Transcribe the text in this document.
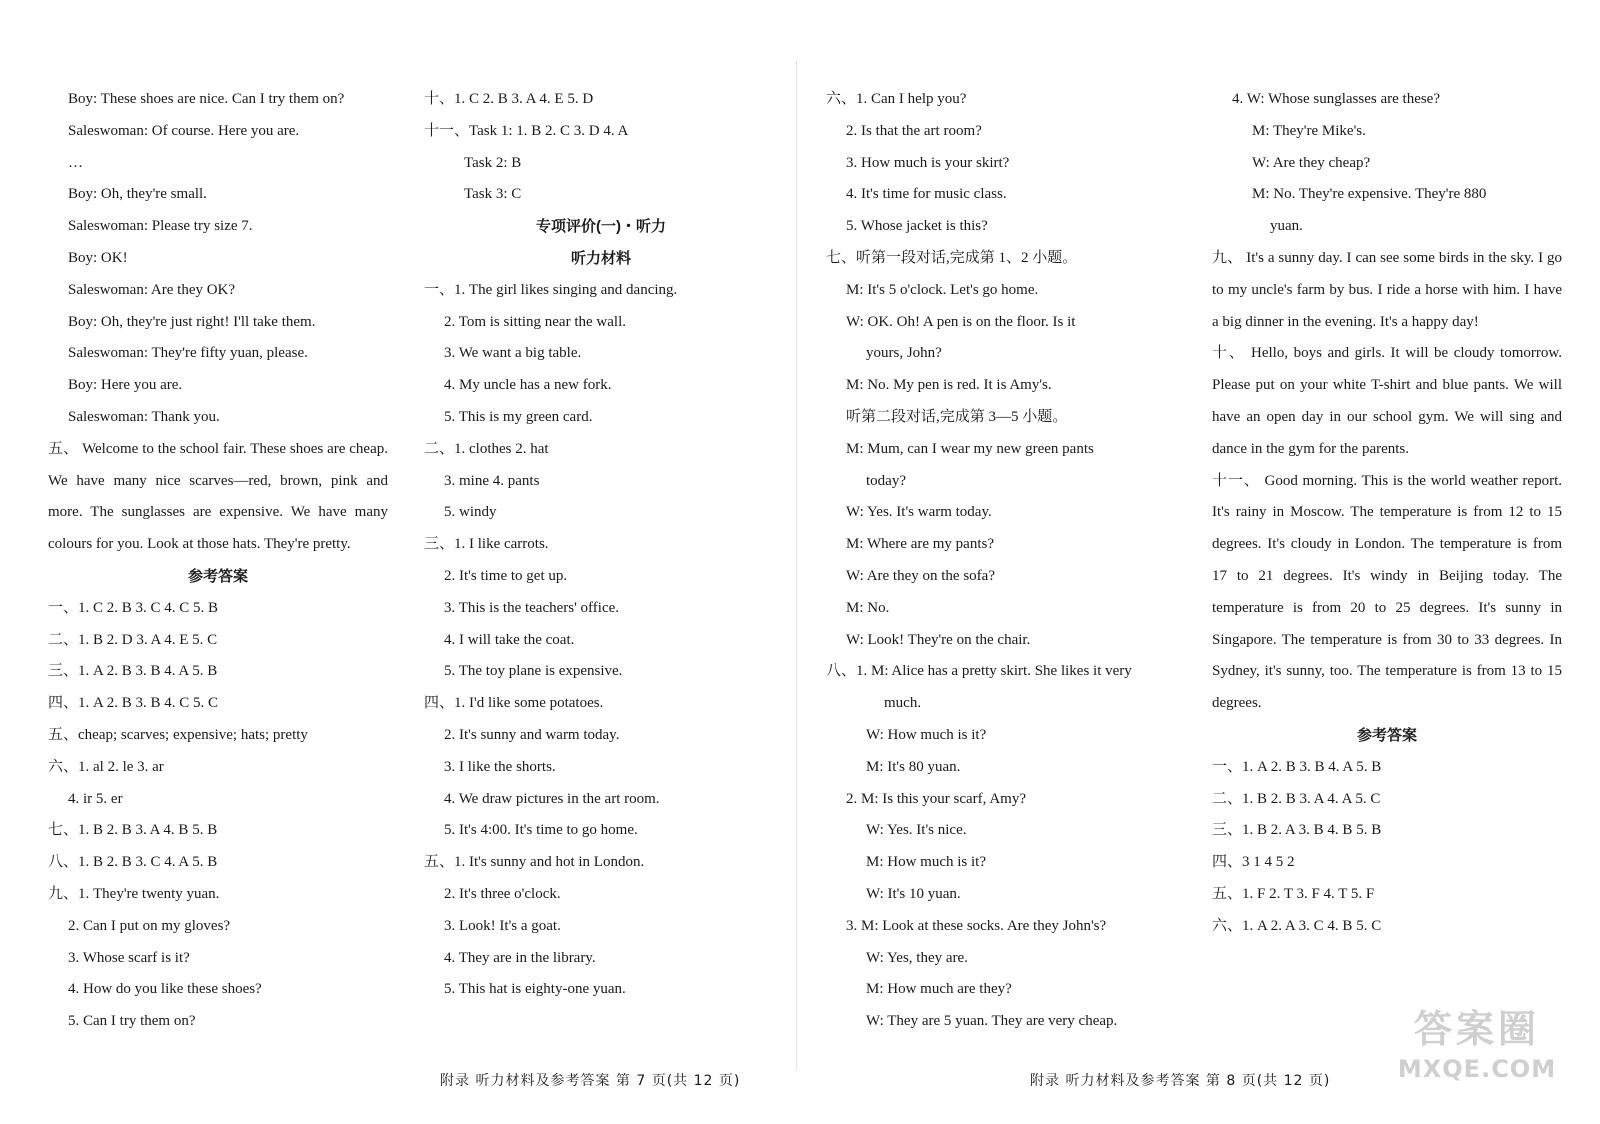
Boy: These shoes are nice. Can I try them on?
Saleswoman: Of course. Here you are.
…
Boy: Oh, they're small.
Saleswoman: Please try size 7.
Boy: OK!
Saleswoman: Are they OK?
Boy: Oh, they're just right! I'll take them.
Saleswoman: They're fifty yuan, please.
Boy: Here you are.
Saleswoman: Thank you.
五、 Welcome to the school fair. These shoes are cheap. We have many nice scarves—red, brown, pink and more. The sunglasses are expensive. We have many colours for you. Look at those hats. They're pretty.
参考答案
一、1. C 2. B 3. C 4. C 5. B
二、1. B 2. D 3. A 4. E 5. C
三、1. A 2. B 3. B 4. A 5. B
四、1. A 2. B 3. B 4. C 5. C
五、cheap; scarves; expensive; hats; pretty
六、1. al 2. le 3. ar
4. ir 5. er
七、1. B 2. B 3. A 4. B 5. B
八、1. B 2. B 3. C 4. A 5. B
九、1. They're twenty yuan.
2. Can I put on my gloves?
3. Whose scarf is it?
4. How do you like these shoes?
5. Can I try them on?
十、1. C 2. B 3. A 4. E 5. D
十一、Task 1: 1. B 2. C 3. D 4. A
Task 2: B
Task 3: C
专项评价(一)・听力
听力材料
一、1. The girl likes singing and dancing.
2. Tom is sitting near the wall.
3. We want a big table.
4. My uncle has a new fork.
5. This is my green card.
二、1. clothes 2. hat
3. mine 4. pants
5. windy
三、1. I like carrots.
2. It's time to get up.
3. This is the teachers' office.
4. I will take the coat.
5. The toy plane is expensive.
四、1. I'd like some potatoes.
2. It's sunny and warm today.
3. I like the shorts.
4. We draw pictures in the art room.
5. It's 4:00. It's time to go home.
五、1. It's sunny and hot in London.
2. It's three o'clock.
3. Look! It's a goat.
4. They are in the library.
5. This hat is eighty-one yuan.
附录 听力材料及参考答案 第 7 页(共 12 页)
六、1. Can I help you?
2. Is that the art room?
3. How much is your skirt?
4. It's time for music class.
5. Whose jacket is this?
七、听第一段对话,完成第 1、2 小题。
M: It's 5 o'clock. Let's go home.
W: OK. Oh! A pen is on the floor. Is it
yours, John?
M: No. My pen is red. It is Amy's.
听第二段对话,完成第 3—5 小题。
M: Mum, can I wear my new green pants
today?
W: Yes. It's warm today.
M: Where are my pants?
W: Are they on the sofa?
M: No.
W: Look! They're on the chair.
八、1. M: Alice has a pretty skirt. She likes it very
much.
W: How much is it?
M: It's 80 yuan.
2. M: Is this your scarf, Amy?
W: Yes. It's nice.
M: How much is it?
W: It's 10 yuan.
3. M: Look at these socks. Are they John's?
W: Yes, they are.
M: How much are they?
W: They are 5 yuan. They are very cheap.
4. W: Whose sunglasses are these?
M: They're Mike's.
W: Are they cheap?
M: No. They're expensive. They're 880
yuan.
九、 It's a sunny day. I can see some birds in the sky. I go to my uncle's farm by bus. I ride a horse with him. I have a big dinner in the evening. It's a happy day!
十、 Hello, boys and girls. It will be cloudy tomorrow. Please put on your white T-shirt and blue pants. We will have an open day in our school gym. We will sing and dance in the gym for the parents.
十一、 Good morning. This is the world weather report. It's rainy in Moscow. The temperature is from 12 to 15 degrees. It's cloudy in London. The temperature is from 17 to 21 degrees. It's windy in Beijing today. The temperature is from 20 to 25 degrees. It's sunny in Singapore. The temperature is from 30 to 33 degrees. In Sydney, it's sunny, too. The temperature is from 13 to 15 degrees.
参考答案
一、1. A 2. B 3. B 4. A 5. B
二、1. B 2. B 3. A 4. A 5. C
三、1. B 2. A 3. B 4. B 5. B
四、3 1 4 5 2
五、1. F 2. T 3. F 4. T 5. F
六、1. A 2. A 3. C 4. B 5. C
附录 听力材料及参考答案 第 8 页(共 12 页)
答案圈
MXQE.COM
